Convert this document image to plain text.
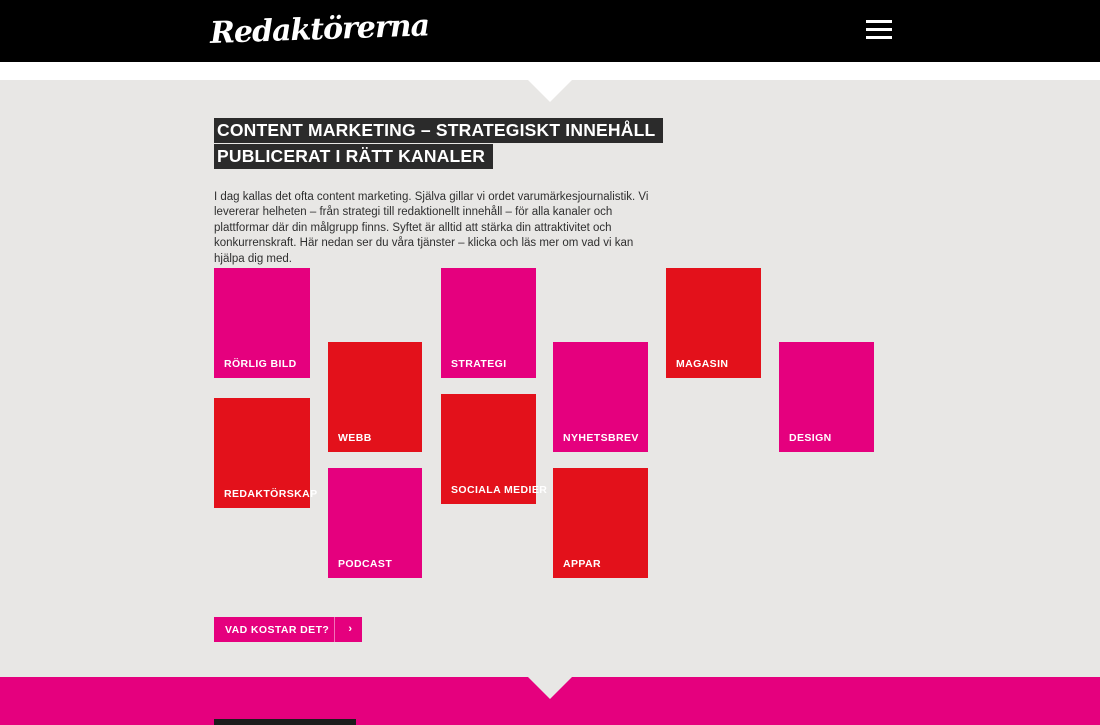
Redaktörerna
CONTENT MARKETING – STRATEGISKT INNEHÅLL
PUBLICERAT I RÄTT KANALER

I dag kallas det ofta content marketing. Själva gillar vi ordet varumärkesjournalistik. Vi levererar helheten – från strategi till redaktionellt innehåll – för alla kanaler och plattformar där din målgrupp finns. Syftet är alltid att stärka din attraktivitet och konkurrenskraft. Här nedan ser du våra tjänster – klicka och läs mer om vad vi kan hjälpa dig med.

RÖRLIG BILD
REDAKTÖRSKAP
WEBB
PODCAST
STRATEGI
SOCIALA MEDIER
NYHETSBREV
APPAR
MAGASIN
DESIGN
VAD KOSTAR DET? ›
